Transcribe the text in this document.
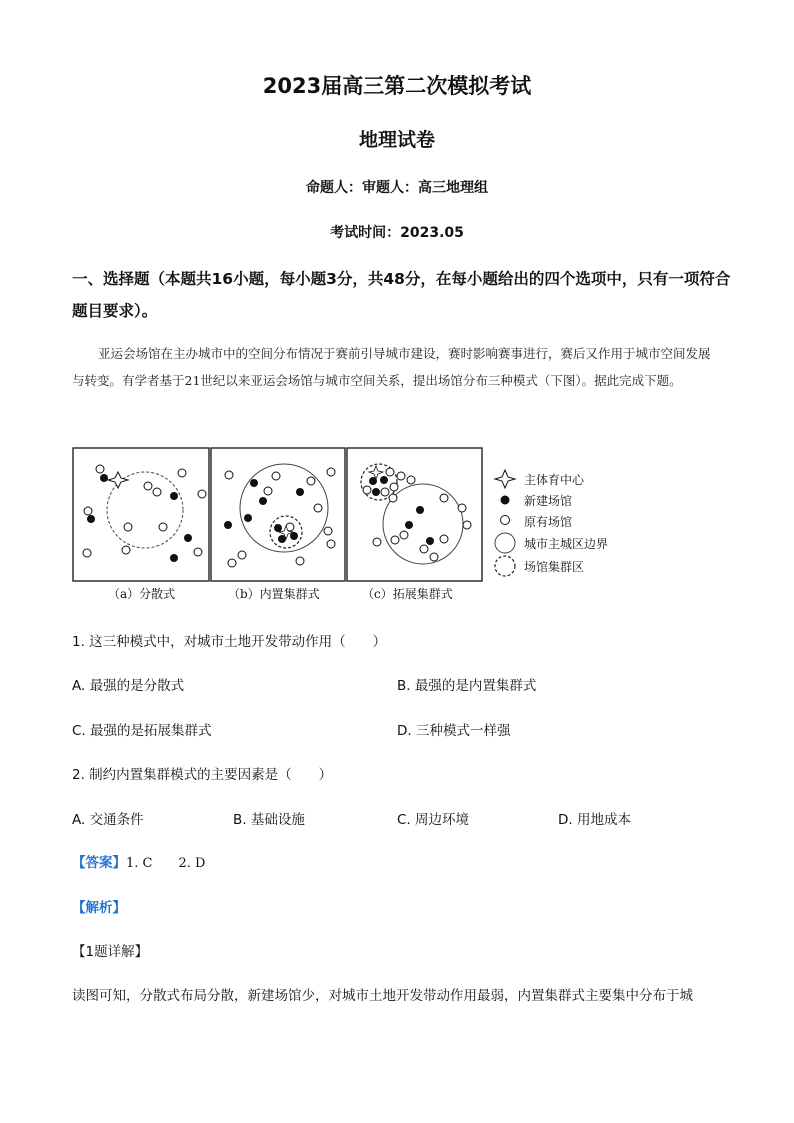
2023届高三第二次模拟考试
地理试卷
命题人：审题人：高三地理组
考试时间：2023.05
一、选择题（本题共16小题，每小题3分，共48分，在每小题给出的四个选项中，只有一项符合题目要求）。
亚运会场馆在主办城市中的空间分布情况于赛前引导城市建设，赛时影响赛事进行，赛后又作用于城市空间发展与转变。有学者基于21世纪以来亚运会场馆与城市空间关系，提出场馆分布三种模式（下图）。据此完成下题。
（a）分散式	（b）内置集群式	（c）拓展集群式
主体育中心
新建场馆
原有场馆
城市主城区边界
场馆集群区
1. 这三种模式中，对城市土地开发带动作用（　　）
A. 最强的是分散式	B. 最强的是内置集群式
C. 最强的是拓展集群式	D. 三种模式一样强
2. 制约内置集群模式的主要因素是（　　）
A. 交通条件	B. 基础设施	C. 周边环境	D. 用地成本
【答案】1. C　　2. D
【解析】
【1题详解】
读图可知，分散式布局分散，新建场馆少，对城市土地开发带动作用最弱，内置集群式主要集中分布于城
